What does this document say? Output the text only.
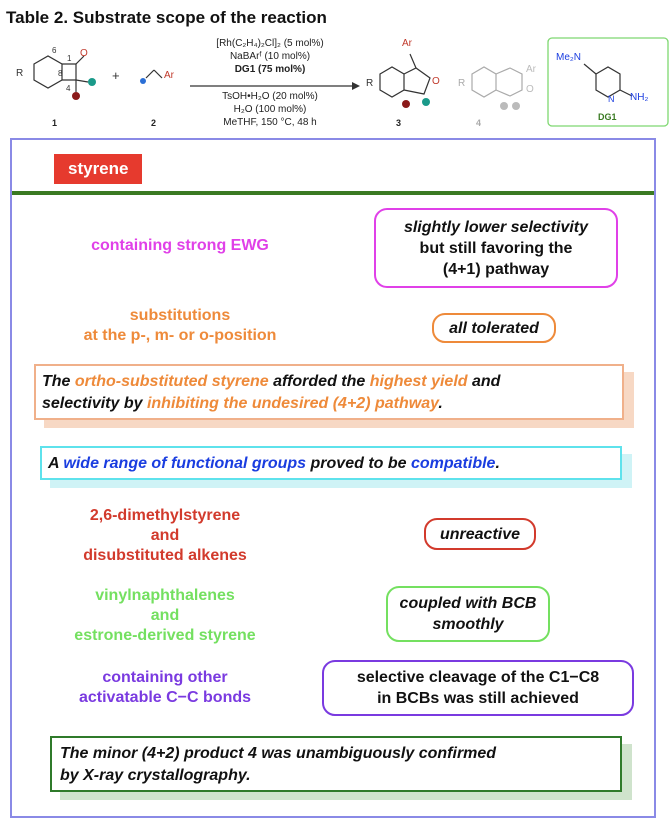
Table 2. Substrate scope of the reaction
O
R
6
1
4
8
1
+	Ar
2
Ar
O
R
3
R
Ar
O
4
Me₂N
N NH₂
DG1
[Rh(C₂H₄)₂Cl]₂ (5 mol%)
NaBArᶠ (10 mol%)
DG1 (75 mol%)
TsOH•H₂O (20 mol%)
H₂O (100 mol%)
MeTHF, 150 °C, 48 h
styrene
containing strong EWG
slightly lower selectivity
but still favoring the
(4+1) pathway
substitutions
at the p-, m- or o-position	all tolerated
The ortho-substituted styrene afforded the highest yield and
selectivity by inhibiting the undesired (4+2) pathway.
A wide range of functional groups proved to be compatible.
2,6-dimethylstyrene
and
disubstituted alkenes
unreactive
vinylnaphthalenes
and
estrone-derived styrene
coupled with BCB
smoothly
containing other
activatable C−C bonds
selective cleavage of the C1−C8
in BCBs was still achieved
The minor (4+2) product 4 was unambiguously confirmed
by X-ray crystallography.
